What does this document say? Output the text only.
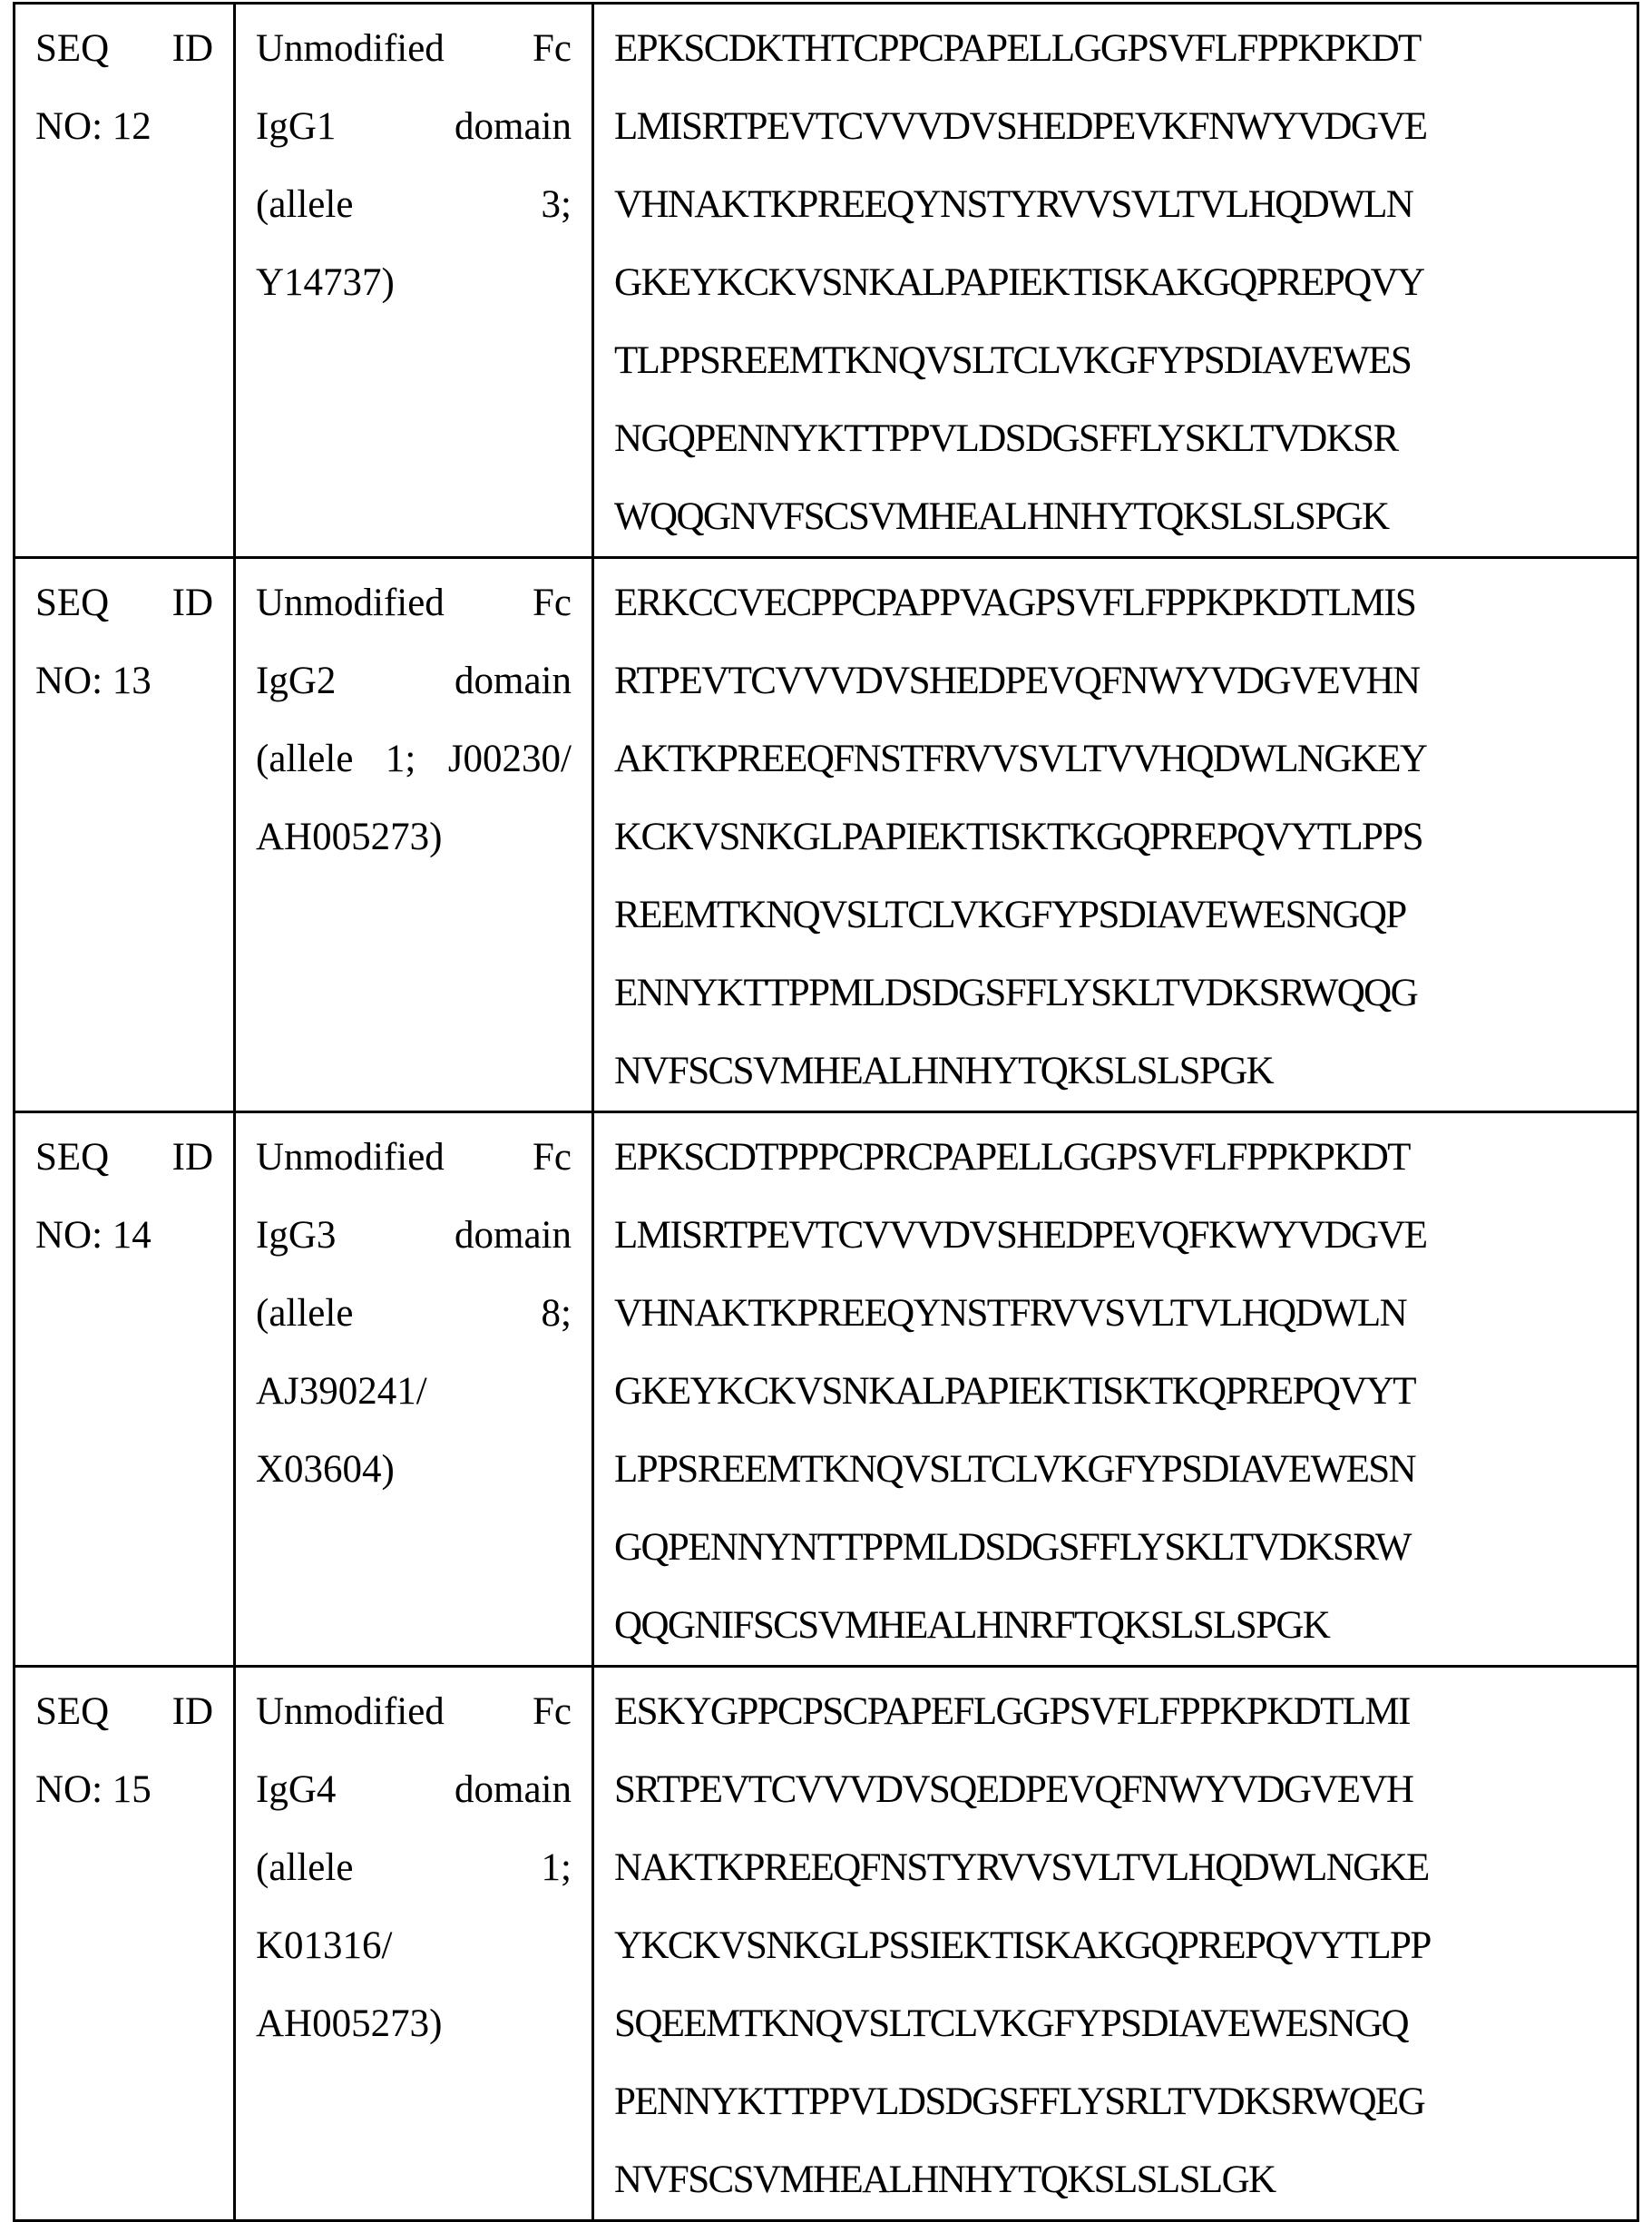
SEQ ID
NO: 12

Unmodified Fc
IgG1 domain
(allele 3;
Y14737)

EPKSCDKTHTCPPCPAPELLGGPSVFLFPPKPKDT
LMISRTPEVTCVVVDVSHEDPEVKFNWYVDGVE
VHNAKTKPREEQYNSTYRVVSVLTVLHQDWLN
GKEYKCKVSNKALPAPIEKTISKAKGQPREPQVY
TLPPSREEMTKNQVSLTCLVKGFYPSDIAVEWES
NGQPENNYKTTPPVLDSDGSFFLYSKLTVDKSR
WQQGNVFSCSVMHEALHNHYTQKSLSLSPGK

SEQ ID
NO: 13

Unmodified Fc
IgG2 domain
(allele 1; J00230/
AH005273)

ERKCCVECPPCPAPPVAGPSVFLFPPKPKDTLMIS
RTPEVTCVVVDVSHEDPEVQFNWYVDGVEVHN
AKTKPREEQFNSTFRVVSVLTVVHQDWLNGKEY
KCKVSNKGLPAPIEKTISKTKGQPREPQVYTLPPS
REEMTKNQVSLTCLVKGFYPSDIAVEWESNGQP
ENNYKTTPPMLDSDGSFFLYSKLTVDKSRWQQG
NVFSCSVMHEALHNHYTQKSLSLSPGK

SEQ ID
NO: 14

Unmodified Fc
IgG3 domain
(allele 8;
AJ390241/
X03604)

EPKSCDTPPPCPRCPAPELLGGPSVFLFPPKPKDT
LMISRTPEVTCVVVDVSHEDPEVQFKWYVDGVE
VHNAKTKPREEQYNSTFRVVSVLTVLHQDWLN
GKEYKCKVSNKALPAPIEKTISKTKQPREPQVYT
LPPSREEMTKNQVSLTCLVKGFYPSDIAVEWESN
GQPENNYNTTPPMLDSDGSFFLYSKLTVDKSRW
QQGNIFSCSVMHEALHNRFTQKSLSLSPGK

SEQ ID
NO: 15

Unmodified Fc
IgG4 domain
(allele 1;
K01316/
AH005273)

ESKYGPPCPSCPAPEFLGGPSVFLFPPKPKDTLMI
SRTPEVTCVVVDVSQEDPEVQFNWYVDGVEVH
NAKTKPREEQFNSTYRVVSVLTVLHQDWLNGKE
YKCKVSNKGLPSSIEKTISKAKGQPREPQVYTLPP
SQEEMTKNQVSLTCLVKGFYPSDIAVEWESNGQ
PENNYKTTPPVLDSDGSFFLYSRLTVDKSRWQEG
NVFSCSVMHEALHNHYTQKSLSLSLGK
